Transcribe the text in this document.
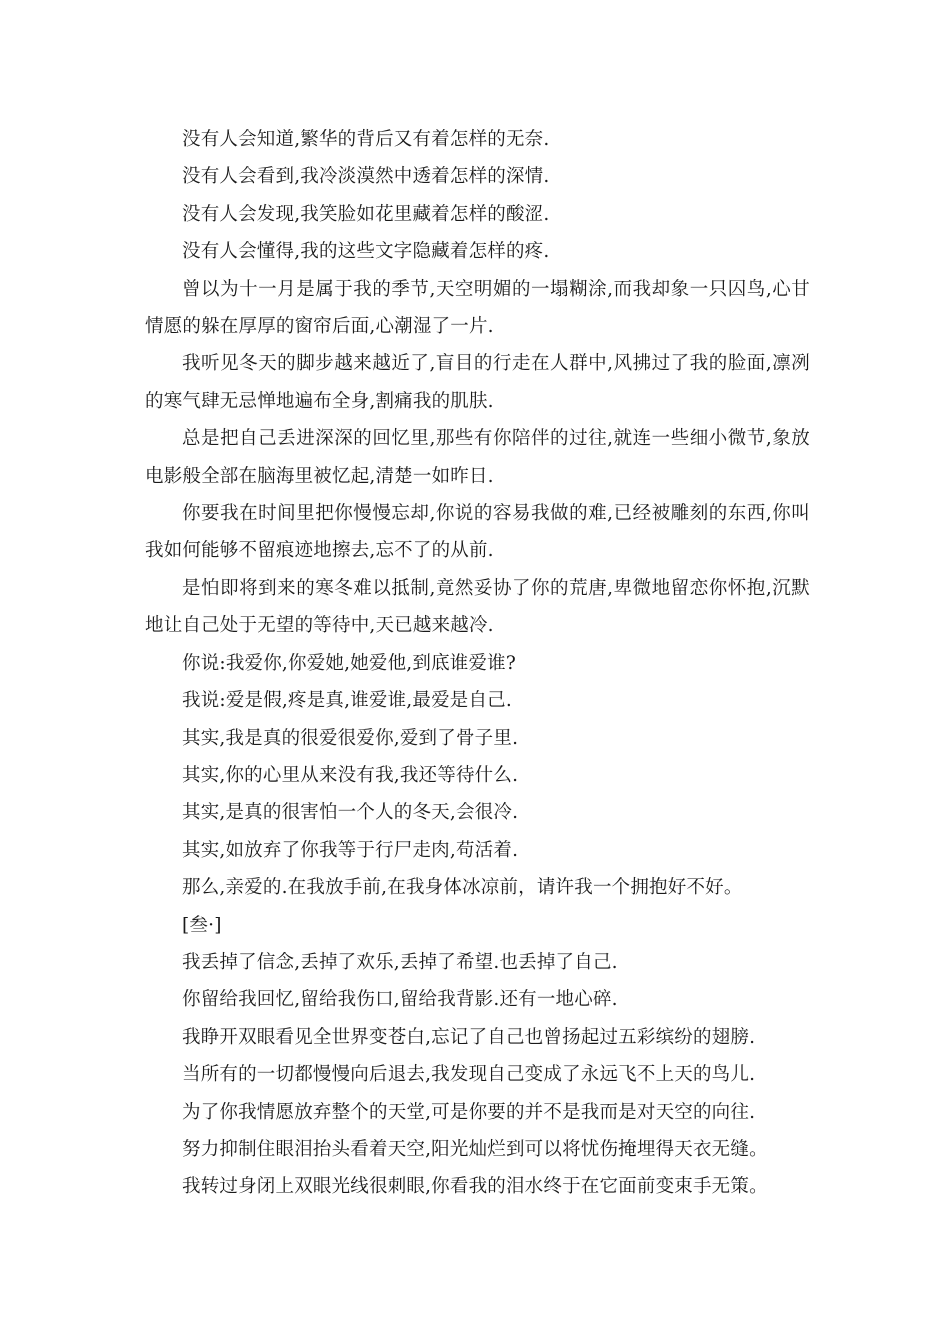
没有人会知道,繁华的背后又有着怎样的无奈.

没有人会看到,我冷淡漠然中透着怎样的深情.

没有人会发现,我笑脸如花里藏着怎样的酸涩.

没有人会懂得,我的这些文字隐藏着怎样的疼.

曾以为十一月是属于我的季节,天空明媚的一塌糊涂,而我却象一只囚鸟,心甘情愿的躲在厚厚的窗帘后面,心潮湿了一片.

我听见冬天的脚步越来越近了,盲目的行走在人群中,风拂过了我的脸面,凛冽的寒气肆无忌惮地遍布全身,割痛我的肌肤.

总是把自己丢进深深的回忆里,那些有你陪伴的过往,就连一些细小微节,象放电影般全部在脑海里被忆起,清楚一如昨日.

你要我在时间里把你慢慢忘却,你说的容易我做的难,已经被雕刻的东西,你叫我如何能够不留痕迹地擦去,忘不了的从前.

是怕即将到来的寒冬难以抵制,竟然妥协了你的荒唐,卑微地留恋你怀抱,沉默地让自己处于无望的等待中,天已越来越冷.

你说:我爱你,你爱她,她爱他,到底谁爱谁?

我说:爱是假,疼是真,谁爱谁,最爱是自己.

其实,我是真的很爱很爱你,爱到了骨子里.

其实,你的心里从来没有我,我还等待什么.

其实,是真的很害怕一个人的冬天,会很冷.

其实,如放弃了你我等于行尸走肉,苟活着.

那么,亲爱的.在我放手前,在我身体冰凉前，请许我一个拥抱好不好。

[叁·]

我丢掉了信念,丢掉了欢乐,丢掉了希望.也丢掉了自己.

你留给我回忆,留给我伤口,留给我背影.还有一地心碎.

我睁开双眼看见全世界变苍白,忘记了自己也曾扬起过五彩缤纷的翅膀.

当所有的一切都慢慢向后退去,我发现自己变成了永远飞不上天的鸟儿.

为了你我情愿放弃整个的天堂,可是你要的并不是我而是对天空的向往.

努力抑制住眼泪抬头看着天空,阳光灿烂到可以将忧伤掩埋得天衣无缝。

我转过身闭上双眼光线很刺眼,你看我的泪水终于在它面前变束手无策。
